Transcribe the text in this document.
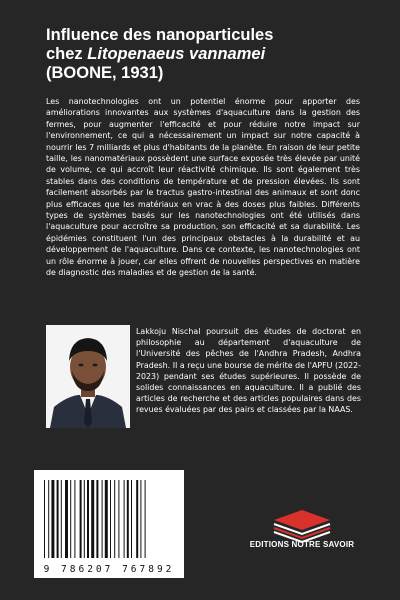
Influence des nanoparticules
chez Litopenaeus vannamei
(BOONE, 1931)

Les nanotechnologies ont un potentiel énorme pour apporter des améliorations innovantes aux systèmes d'aquaculture dans la gestion des fermes, pour augmenter l'efficacité et pour réduire notre impact sur l'environnement, ce qui a nécessairement un impact sur notre capacité à nourrir les 7 milliards et plus d'habitants de la planète. En raison de leur petite taille, les nanomatériaux possèdent une surface exposée très élevée par unité de volume, ce qui accroît leur réactivité chimique. Ils sont également très stables dans des conditions de température et de pression élevées. Ils sont facilement absorbés par le tractus gastro-intestinal des animaux et sont donc plus efficaces que les matériaux en vrac à des doses plus faibles. Différents types de systèmes basés sur les nanotechnologies ont été utilisés dans l'aquaculture pour accroître sa production, son efficacité et sa durabilité. Les épidémies constituent l'un des principaux obstacles à la durabilité et au développement de l'aquaculture. Dans ce contexte, les nanotechnologies ont un rôle énorme à jouer, car elles offrent de nouvelles perspectives en matière de diagnostic des maladies et de gestion de la santé.

Lakkoju Nischal poursuit des études de doctorat en philosophie au département d'aquaculture de l'Université des pêches de l'Andhra Pradesh, Andhra Pradesh. Il a reçu une bourse de mérite de l'APFU (2022-2023) pendant ses études supérieures. Il possède de solides connaissances en aquaculture. Il a publié des articles de recherche et des articles populaires dans des revues évaluées par des pairs et classées par la NAAS.

9 786207 767892
EDITIONS NOTRE SAVOIR
